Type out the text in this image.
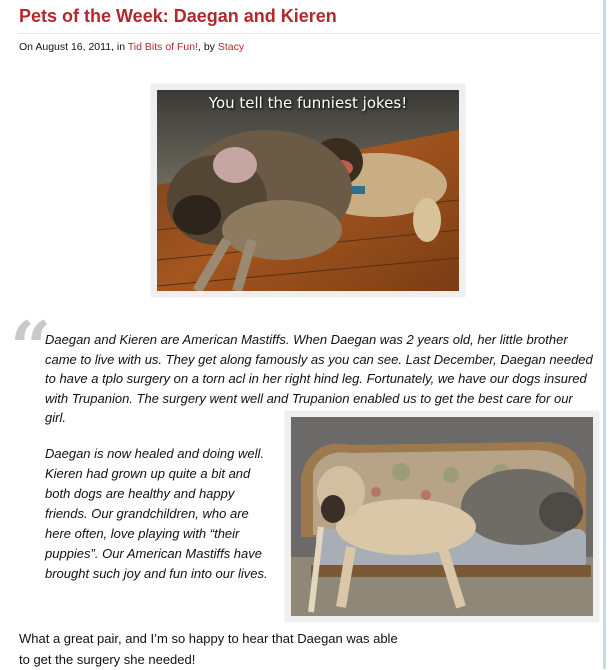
Pets of the Week: Daegan and Kieren
On August 16, 2011, in Tid Bits of Fun!, by Stacy
You tell the funniest jokes!
“

Daegan and Kieren are American Mastiffs. When Daegan was 2 years old, her little brother came to live with us. They get along famously as you can see. Last December, Daegan needed to have a tplo surgery on a torn acl in her right hind leg. Fortunately, we have our dogs insured with Trupanion. The surgery went well and Trupanion enabled us to get the best care for our girl.

Daegan is now healed and doing well. Kieren had grown up quite a bit and both dogs are healthy and happy friends. Our grandchildren, who are here often, love playing with “their puppies”. Our American Mastiffs have brought such joy and fun into our lives.

What a great pair, and I’m so happy to hear that Daegan was able to get the surgery she needed!
